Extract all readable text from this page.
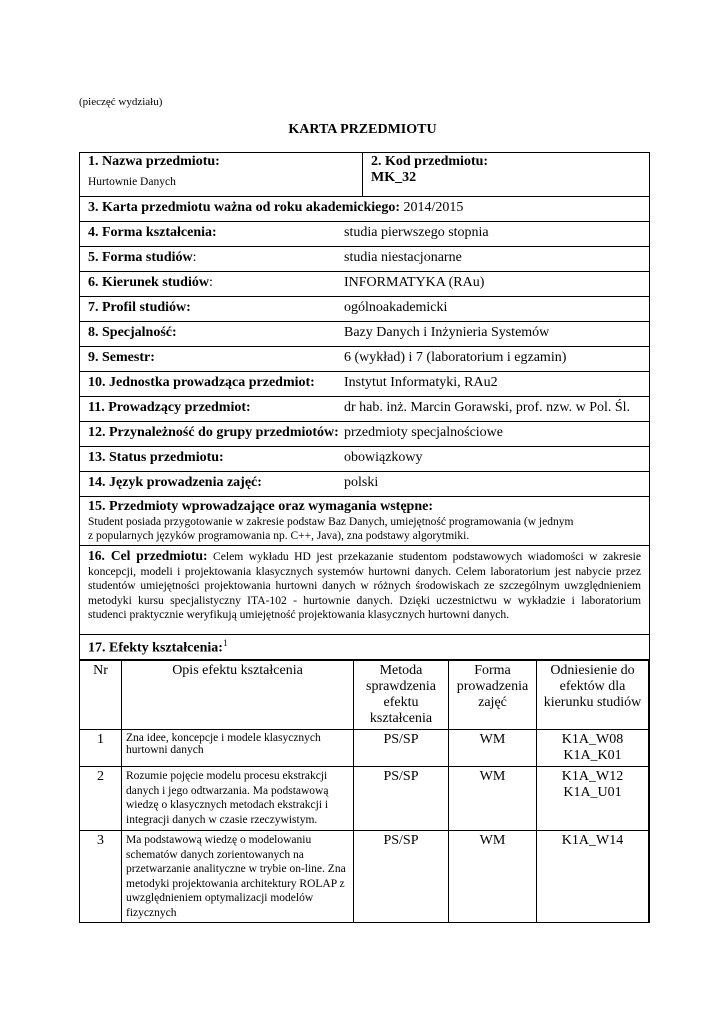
(pieczęć wydziału)
KARTA PRZEDMIOTU
1. Nazwa przedmiotu:
Hurtownie Danych
2. Kod przedmiotu:
MK_32
3. Karta przedmiotu ważna od roku akademickiego: 2014/2015
4. Forma kształcenia:	studia pierwszego stopnia
5. Forma studiów:	studia niestacjonarne
6. Kierunek studiów:	INFORMATYKA (RAu)
7. Profil studiów:	ogólnoakademicki
8. Specjalność:	Bazy Danych i Inżynieria Systemów
9. Semestr:	6 (wykład) i 7 (laboratorium i egzamin)
10. Jednostka prowadząca przedmiot: Instytut Informatyki, RAu2
11. Prowadzący przedmiot:	dr hab. inż. Marcin Gorawski, prof. nzw. w Pol. Śl.
12. Przynależność do grupy przedmiotów: przedmioty specjalnościowe
13. Status przedmiotu:	obowiązkowy
14. Język prowadzenia zajęć:	polski
15. Przedmioty wprowadzające oraz wymagania wstępne:
Student posiada przygotowanie w zakresie podstaw Baz Danych, umiejętność programowania (w jednym
z popularnych języków programowania np. C++, Java), zna podstawy algorytmiki.
16. Cel przedmiotu: Celem wykładu HD jest przekazanie studentom podstawowych wiadomości w zakresie koncepcji, modeli i projektowania klasycznych systemów hurtowni danych. Celem laboratorium jest nabycie przez studentów umiejętności projektowania hurtowni danych w różnych środowiskach ze szczególnym uwzględnieniem metodyki kursu specjalistyczny ITA-102 - hurtownie danych. Dzięki uczestnictwu w wykładzie i laboratorium studenci praktycznie weryfikują umiejętność projektowania klasycznych hurtowni danych.
17. Efekty kształcenia:$^1$
Nr	Opis efektu kształcenia	Metoda sprawdzenia efektu kształcenia	Forma prowadzenia zajęć	Odniesienie do efektów dla kierunku studiów
1	Zna idee, koncepcje i modele klasycznych hurtowni danych	PS/SP	WM	K1A_W08
K1A_K01

2	Rozumie pojęcie modelu procesu ekstrakcji danych i jego odtwarzania. Ma podstawową wiedzę o klasycznych metodach ekstrakcji i integracji danych w czasie rzeczywistym.	PS/SP	WM	K1A_W12
K1A_U01

3	Ma podstawową wiedzę o modelowaniu schematów danych zorientowanych na przetwarzanie analityczne w trybie on-line. Zna metodyki projektowania architektury ROLAP z uwzględnieniem optymalizacji modelów fizycznych	PS/SP	WM	K1A_W14
